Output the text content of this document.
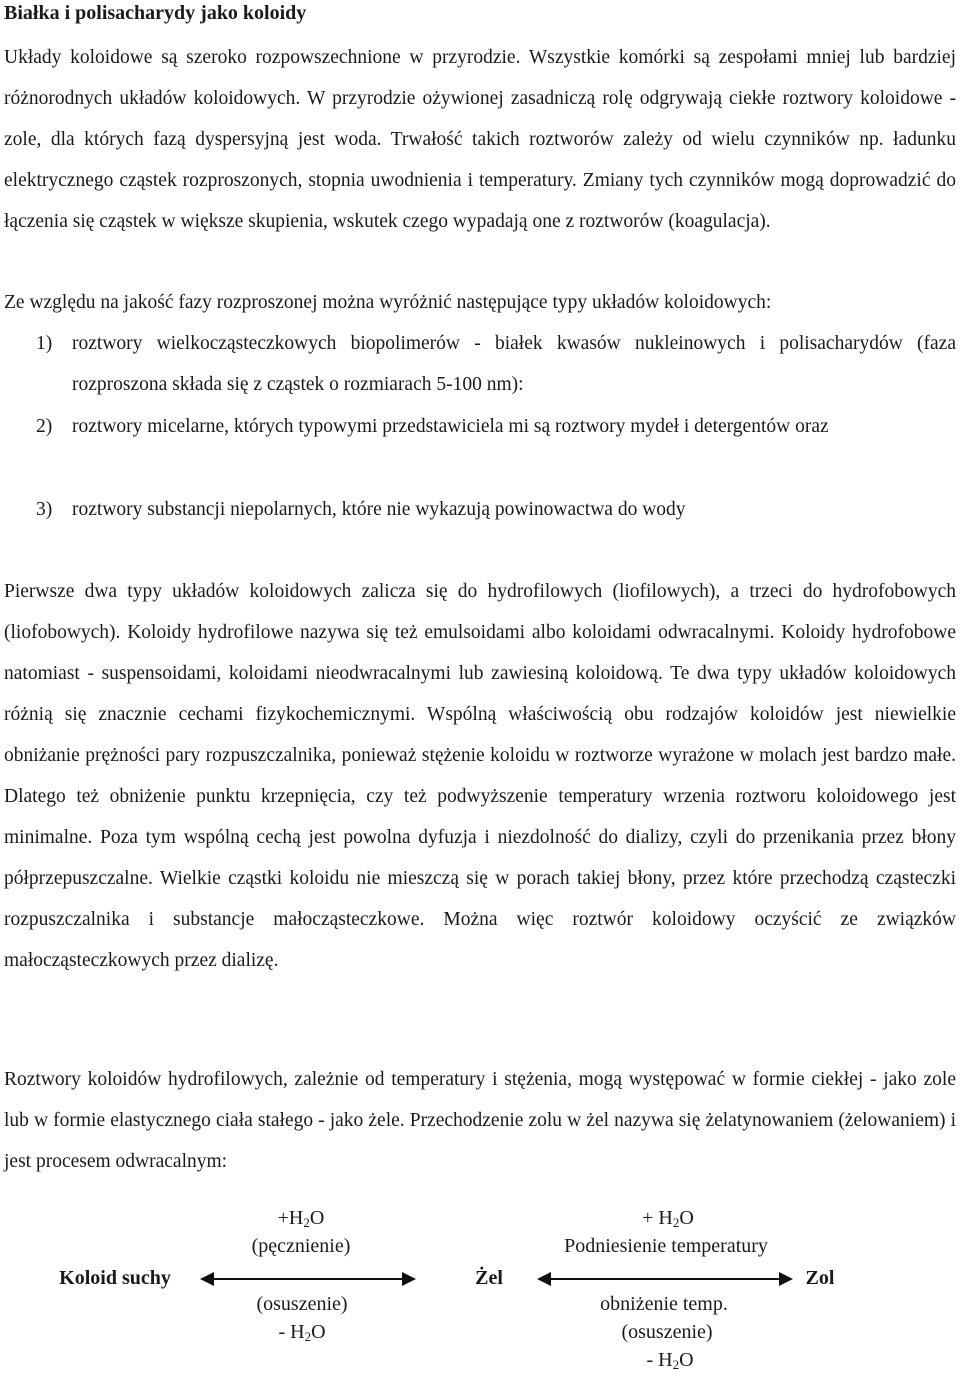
Białka i polisacharydy jako koloidy

Układy koloidowe są szeroko rozpowszechnione w przyrodzie. Wszystkie komórki są zespołami mniej lub bardziej różnorodnych układów koloidowych. W przyrodzie ożywionej zasadniczą rolę odgrywają ciekłe roztwory koloidowe - zole, dla których fazą dyspersyjną jest woda. Trwałość takich roztworów zależy od wielu czynników np. ładunku elektrycznego cząstek rozproszonych, stopnia uwodnienia i temperatury. Zmiany tych czynników mogą doprowadzić do łączenia się cząstek w większe skupienia, wskutek czego wypadają one z roztworów (koagulacja).

Ze względu na jakość fazy rozproszonej można wyróżnić następujące typy układów koloidowych:

1) roztwory wielkocząsteczkowych biopolimerów - białek kwasów nukleinowych i polisacharydów (faza rozproszona składa się z cząstek o rozmiarach 5-100 nm):
2) roztwory micelarne, których typowymi przedstawiciela mi są roztwory mydeł i detergentów oraz
3) roztwory substancji niepolarnych, które nie wykazują powinowactwa do wody

Pierwsze dwa typy układów koloidowych zalicza się do hydrofilowych (liofilowych), a trzeci do hydrofobowych (liofobowych). Koloidy hydrofilowe nazywa się też emulsoidami albo koloidami odwracalnymi. Koloidy hydrofobowe natomiast - suspensoidami, koloidami nieodwracalnymi lub zawiesiną koloidową. Te dwa typy układów koloidowych różnią się znacznie cechami fizykochemicznymi. Wspólną właściwością obu rodzajów koloidów jest niewielkie obniżanie prężności pary rozpuszczalnika, ponieważ stężenie koloidu w roztworze wyrażone w molach jest bardzo małe. Dlatego też obniżenie punktu krzepnięcia, czy też podwyższenie temperatury wrzenia roztworu koloidowego jest minimalne. Poza tym wspólną cechą jest powolna dyfuzja i niezdolność do dializy, czyli do przenikania przez błony półprzepuszczalne. Wielkie cząstki koloidu nie mieszczą się w porach takiej błony, przez które przechodzą cząsteczki rozpuszczalnika i substancje małocząsteczkowe. Można więc roztwór koloidowy oczyścić ze związków małocząsteczkowych przez dializę.

Roztwory koloidów hydrofilowych, zależnie od temperatury i stężenia, mogą występować w formie ciekłej - jako zole lub w formie elastycznego ciała stałego - jako żele. Przechodzenie zolu w żel nazywa się żelatynowaniem (żelowaniem) i jest procesem odwracalnym:

$+H_2O$
(pęcznienie)
+ $H_2O$
Podniesienie temperatury
Koloid suchy	Żel	Zol
(osuszenie)
- $H_2O$
obniżenie temp.
(osuszenie)
- $H_2O$
